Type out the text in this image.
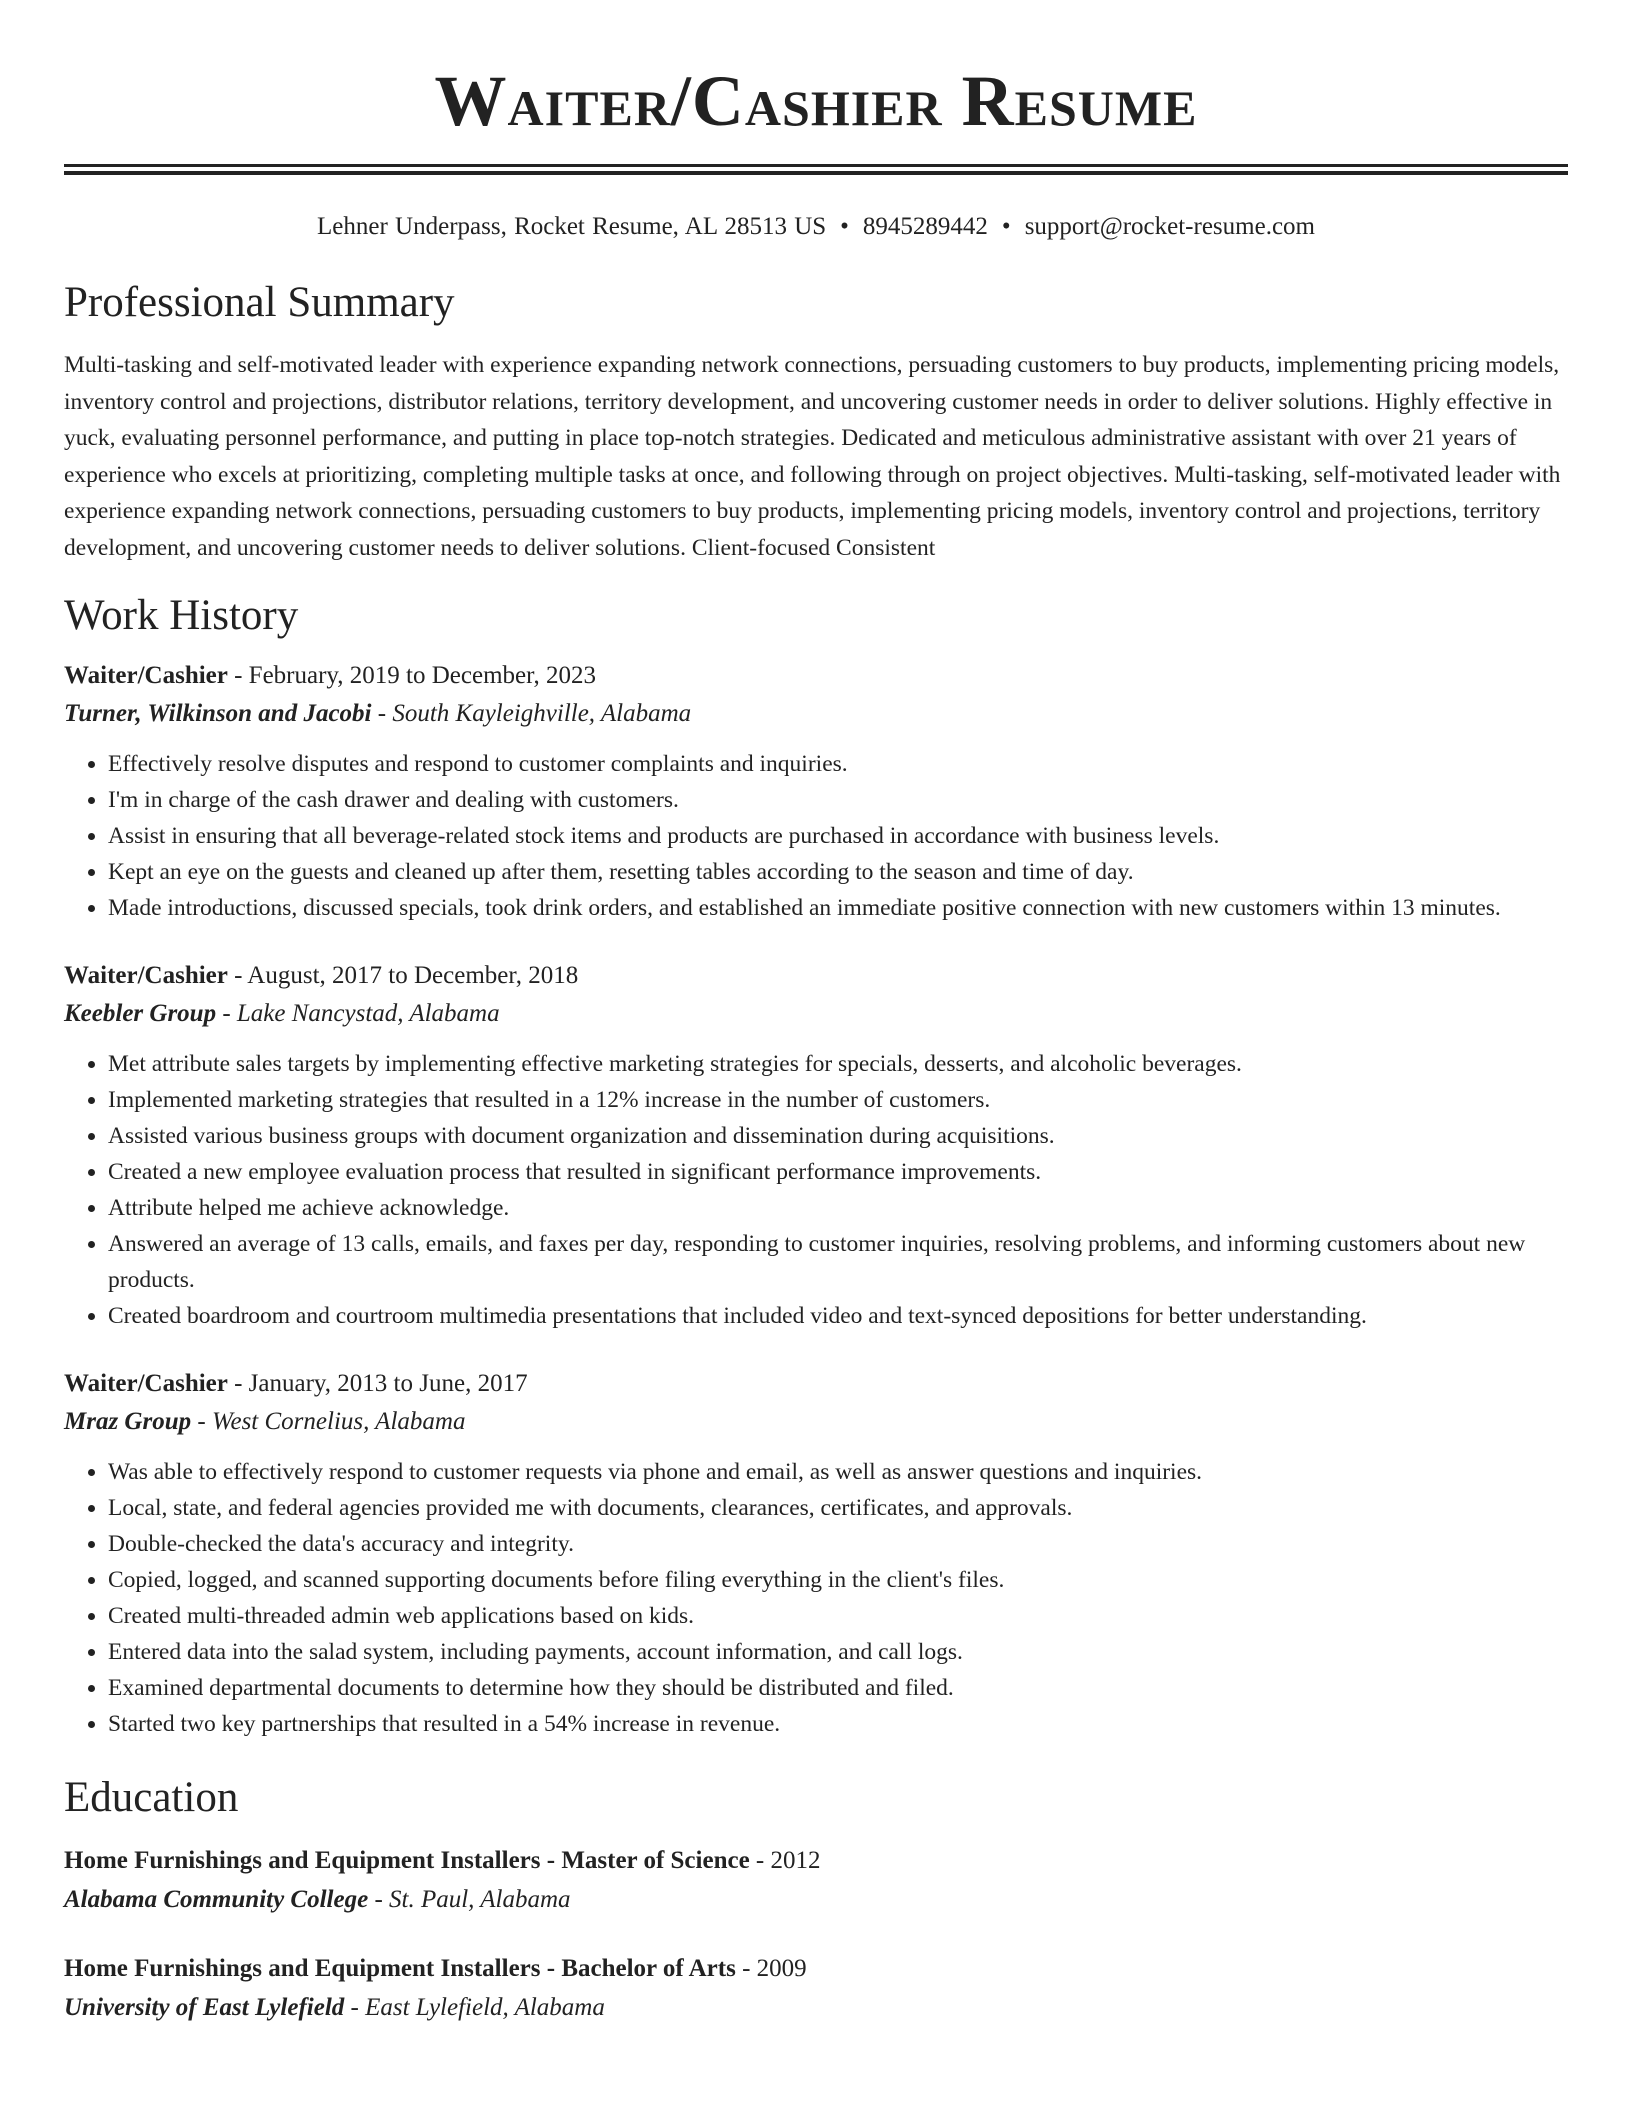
Waiter/Cashier Resume
Lehner Underpass, Rocket Resume, AL 28513 US • 8945289442 • support@rocket-resume.com
Professional Summary
Multi-tasking and self-motivated leader with experience expanding network connections, persuading customers to buy products, implementing pricing models, inventory control and projections, distributor relations, territory development, and uncovering customer needs in order to deliver solutions. Highly effective in yuck, evaluating personnel performance, and putting in place top-notch strategies. Dedicated and meticulous administrative assistant with over 21 years of experience who excels at prioritizing, completing multiple tasks at once, and following through on project objectives. Multi-tasking, self-motivated leader with experience expanding network connections, persuading customers to buy products, implementing pricing models, inventory control and projections, territory development, and uncovering customer needs to deliver solutions. Client-focused Consistent
Work History
Waiter/Cashier - February, 2019 to December, 2023
Turner, Wilkinson and Jacobi - South Kayleighville, Alabama
• Effectively resolve disputes and respond to customer complaints and inquiries.
• I'm in charge of the cash drawer and dealing with customers.
• Assist in ensuring that all beverage-related stock items and products are purchased in accordance with business levels.
• Kept an eye on the guests and cleaned up after them, resetting tables according to the season and time of day.
• Made introductions, discussed specials, took drink orders, and established an immediate positive connection with new customers within 13 minutes.
Waiter/Cashier - August, 2017 to December, 2018
Keebler Group - Lake Nancystad, Alabama
• Met attribute sales targets by implementing effective marketing strategies for specials, desserts, and alcoholic beverages.
• Implemented marketing strategies that resulted in a 12% increase in the number of customers.
• Assisted various business groups with document organization and dissemination during acquisitions.
• Created a new employee evaluation process that resulted in significant performance improvements.
• Attribute helped me achieve acknowledge.
• Answered an average of 13 calls, emails, and faxes per day, responding to customer inquiries, resolving problems, and informing customers about new products.
• Created boardroom and courtroom multimedia presentations that included video and text-synced depositions for better understanding.
Waiter/Cashier - January, 2013 to June, 2017
Mraz Group - West Cornelius, Alabama
• Was able to effectively respond to customer requests via phone and email, as well as answer questions and inquiries.
• Local, state, and federal agencies provided me with documents, clearances, certificates, and approvals.
• Double-checked the data's accuracy and integrity.
• Copied, logged, and scanned supporting documents before filing everything in the client's files.
• Created multi-threaded admin web applications based on kids.
• Entered data into the salad system, including payments, account information, and call logs.
• Examined departmental documents to determine how they should be distributed and filed.
• Started two key partnerships that resulted in a 54% increase in revenue.
Education
Home Furnishings and Equipment Installers - Master of Science - 2012
Alabama Community College - St. Paul, Alabama
Home Furnishings and Equipment Installers - Bachelor of Arts - 2009
University of East Lylefield - East Lylefield, Alabama
